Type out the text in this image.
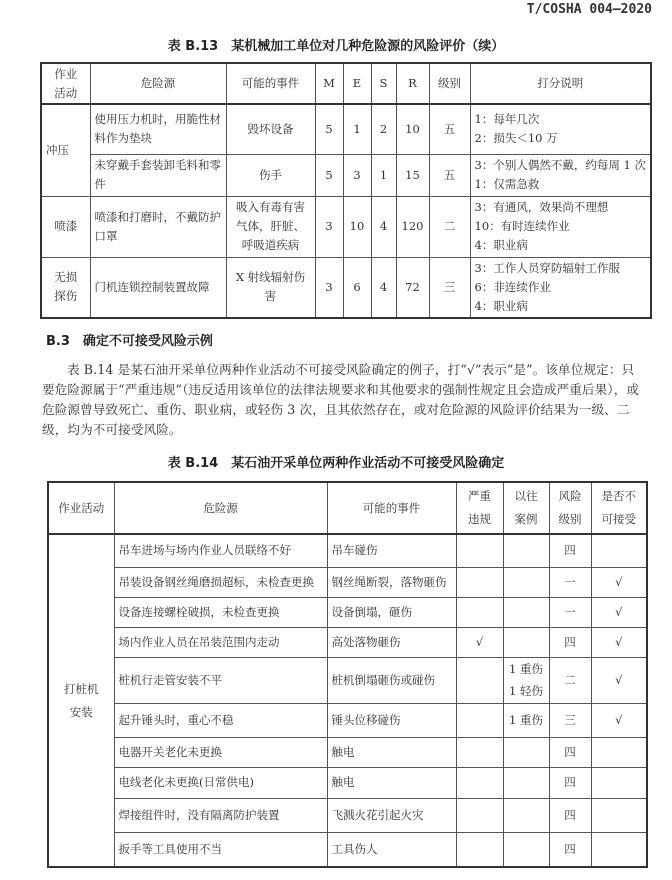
T/COSHA 004—2020
表 B.13　某机械加工单位对几种危险源的风险评价（续）
作业活动	危险源	可能的事件	M	E	S	R	级别	打分说明
冲压	使用压力机时，用脆性材料作为垫块	毁坏设备	5	1	2	10	五	1：每年几次
2：损失＜10 万

	未穿戴手套装卸毛料和零件	伤手	5	3	1	15	五	3：个别人偶然不戴，约每周 1 次
1：仅需急救

喷漆	喷漆和打磨时，不戴防护口罩	吸入有毒有害气体，肝脏、呼吸道疾病	3	10	4	120	二	3：有通风，效果尚不理想
10：有时连续作业
4：职业病

无损探伤	门机连锁控制装置故障	X 射线辐射伤害	3	6	4	72	三	3：工作人员穿防辐射工作服
6：非连续作业
4：职业病
B.3　确定不可接受风险示例
表 B.14 是某石油开采单位两种作业活动不可接受风险确定的例子，打“√”表示“是”。该单位规定：只要危险源属于“严重违规”（违反适用该单位的法律法规要求和其他要求的强制性规定且会造成严重后果），或危险源曾导致死亡、重伤、职业病，或轻伤 3 次，且其依然存在，或对危险源的风险评价结果为一级、二级，均为不可接受风险。
表 B.14　某石油开采单位两种作业活动不可接受风险确定
作业活动	危险源	可能的事件	严重违规	以往案例	风险级别	是否不可接受
打桩机安装	吊车进场与场内作业人员联络不好	吊车碰伤			四	
	吊装设备钢丝绳磨损超标，未检查更换	钢丝绳断裂，落物砸伤			一	√
	设备连接螺栓破损，未检查更换	设备倒塌，砸伤			一	√
	场内作业人员在吊装范围内走动	高处落物砸伤	√		四	√
	桩机行走管安装不平	桩机倒塌砸伤或碰伤		1 重伤
1 轻伤	二	√
	起升锤头时，重心不稳	锤头位移碰伤		1 重伤	三	√
	电器开关老化未更换	触电			四	
	电线老化未更换(日常供电)	触电			四	
	焊接组件时，没有隔离防护装置	飞溅火花引起火灾			四	
	扳手等工具使用不当	工具伤人			四	
